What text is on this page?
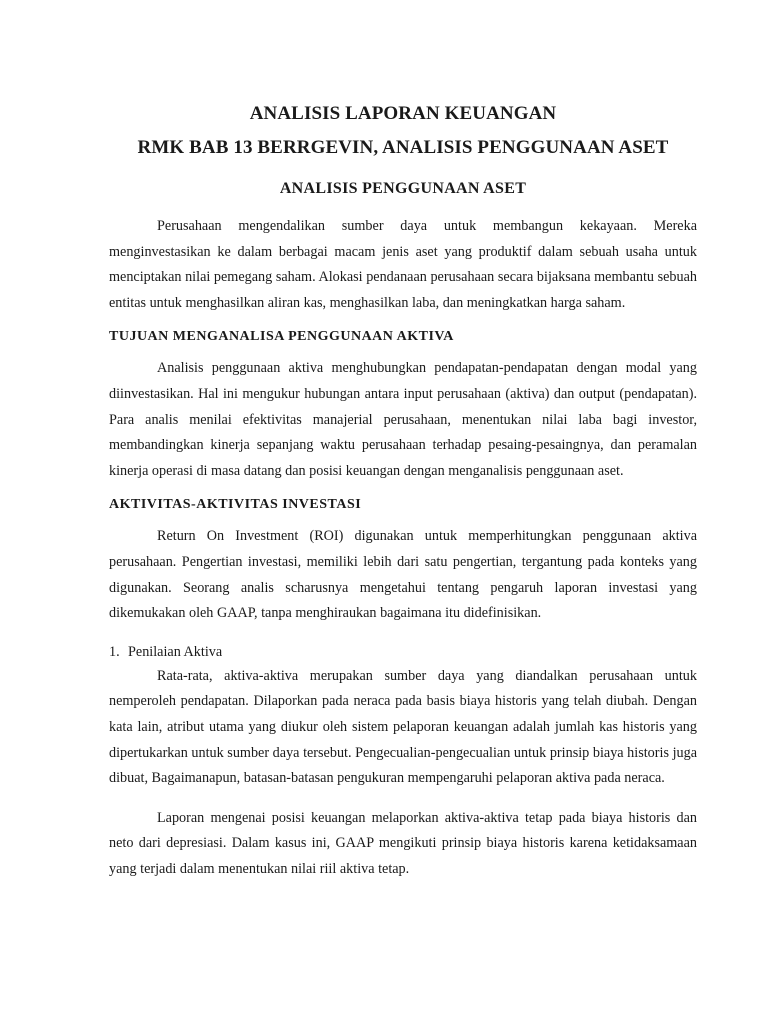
ANALISIS LAPORAN KEUANGAN
RMK BAB 13 BERRGEVIN, ANALISIS PENGGUNAAN ASET
ANALISIS PENGGUNAAN ASET

Perusahaan mengendalikan sumber daya untuk membangun kekayaan. Mereka menginvestasikan ke dalam berbagai macam jenis aset yang produktif dalam sebuah usaha untuk menciptakan nilai pemegang saham. Alokasi pendanaan perusahaan secara bijaksana membantu sebuah entitas untuk menghasilkan aliran kas, menghasilkan laba, dan meningkatkan harga saham.

TUJUAN MENGANALISA PENGGUNAAN AKTIVA

Analisis penggunaan aktiva menghubungkan pendapatan-pendapatan dengan modal yang diinvestasikan. Hal ini mengukur hubungan antara input perusahaan (aktiva) dan output (pendapatan). Para analis menilai efektivitas manajerial perusahaan, menentukan nilai laba bagi investor, membandingkan kinerja sepanjang waktu perusahaan terhadap pesaing-pesaingnya, dan peramalan kinerja operasi di masa datang dan posisi keuangan dengan menganalisis penggunaan aset.

AKTIVITAS-AKTIVITAS INVESTASI

Return On Investment (ROI) digunakan untuk memperhitungkan penggunaan aktiva perusahaan. Pengertian investasi, memiliki lebih dari satu pengertian, tergantung pada konteks yang digunakan. Seorang analis scharusnya mengetahui tentang pengaruh laporan investasi yang dikemukakan oleh GAAP, tanpa menghiraukan bagaimana itu didefinisikan.

1. Penilaian Aktiva

Rata-rata, aktiva-aktiva merupakan sumber daya yang diandalkan perusahaan untuk nemperoleh pendapatan. Dilaporkan pada neraca pada basis biaya historis yang telah diubah. Dengan kata lain, atribut utama yang diukur oleh sistem pelaporan keuangan adalah jumlah kas historis yang dipertukarkan untuk sumber daya tersebut. Pengecualian-pengecualian untuk prinsip biaya historis juga dibuat, Bagaimanapun, batasan-batasan pengukuran mempengaruhi pelaporan aktiva pada neraca.

Laporan mengenai posisi keuangan melaporkan aktiva-aktiva tetap pada biaya historis dan neto dari depresiasi. Dalam kasus ini, GAAP mengikuti prinsip biaya historis karena ketidaksamaan yang terjadi dalam menentukan nilai riil aktiva tetap.
